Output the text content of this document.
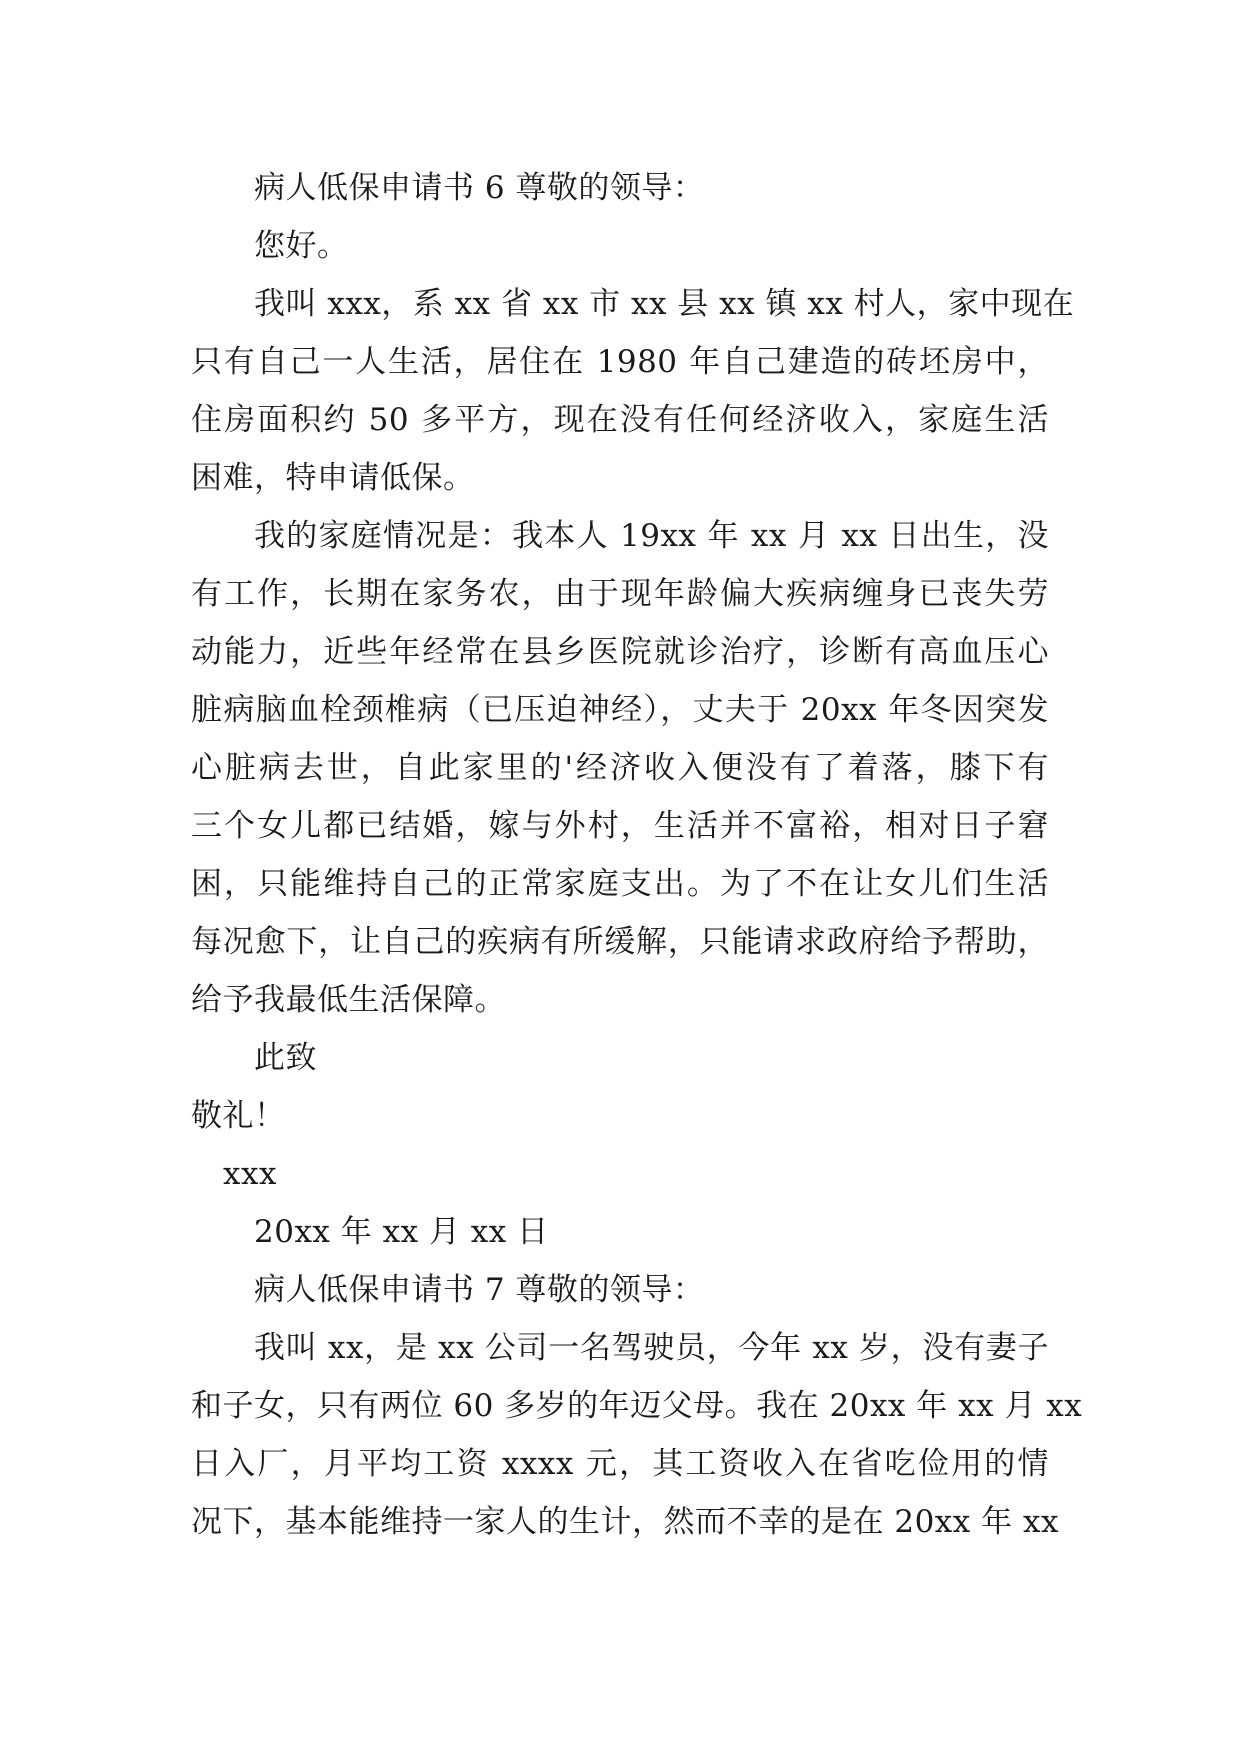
病人低保申请书 6 尊敬的领导：
您好。
我叫 xxx，系 xx 省 xx 市 xx 县 xx 镇 xx 村人，家中现在
只有自己一人生活，居住在 1980 年自己建造的砖坯房中，
住房面积约 50 多平方，现在没有任何经济收入，家庭生活
困难，特申请低保。
我的家庭情况是：我本人 19xx 年 xx 月 xx 日出生，没
有工作，长期在家务农，由于现年龄偏大疾病缠身已丧失劳
动能力，近些年经常在县乡医院就诊治疗，诊断有高血压心
脏病脑血栓颈椎病（已压迫神经），丈夫于 20xx 年冬因突发
心脏病去世，自此家里的'经济收入便没有了着落，膝下有
三个女儿都已结婚，嫁与外村，生活并不富裕，相对日子窘
困，只能维持自己的正常家庭支出。为了不在让女儿们生活
每况愈下，让自己的疾病有所缓解，只能请求政府给予帮助，
给予我最低生活保障。
此致
敬礼！
xxx
20xx 年 xx 月 xx 日
病人低保申请书 7 尊敬的领导：
我叫 xx，是 xx 公司一名驾驶员，今年 xx 岁，没有妻子
和子女，只有两位 60 多岁的年迈父母。我在 20xx 年 xx 月 xx
日入厂，月平均工资 xxxx 元，其工资收入在省吃俭用的情
况下，基本能维持一家人的生计，然而不幸的是在 20xx 年 xx
